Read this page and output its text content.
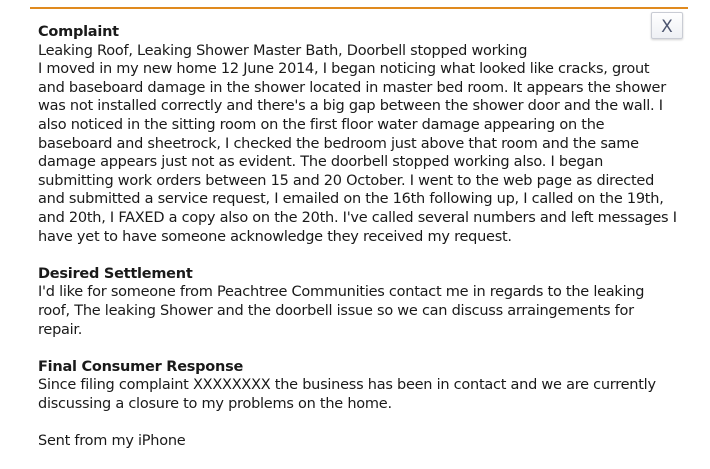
X

Complaint

Leaking Roof, Leaking Shower Master Bath, Doorbell stopped working

I moved in my new home 12 June 2014, I began noticing what looked like cracks, grout and baseboard damage in the shower located in master bed room. It appears the shower was not installed correctly and there's a big gap between the shower door and the wall. I also noticed in the sitting room on the first floor water damage appearing on the baseboard and sheetrock, I checked the bedroom just above that room and the same damage appears just not as evident. The doorbell stopped working also. I began submitting work orders between 15 and 20 October. I went to the web page as directed and submitted a service request, I emailed on the 16th following up, I called on the 19th, and 20th, I FAXED a copy also on the 20th. I've called several numbers and left messages I have yet to have someone acknowledge they received my request.

Desired Settlement

I'd like for someone from Peachtree Communities contact me in regards to the leaking roof, The leaking Shower and the doorbell issue so we can discuss arraingements for repair.

Final Consumer Response

Since filing complaint XXXXXXXX the business has been in contact and we are currently discussing a closure to my problems on the home.

Sent from my iPhone
